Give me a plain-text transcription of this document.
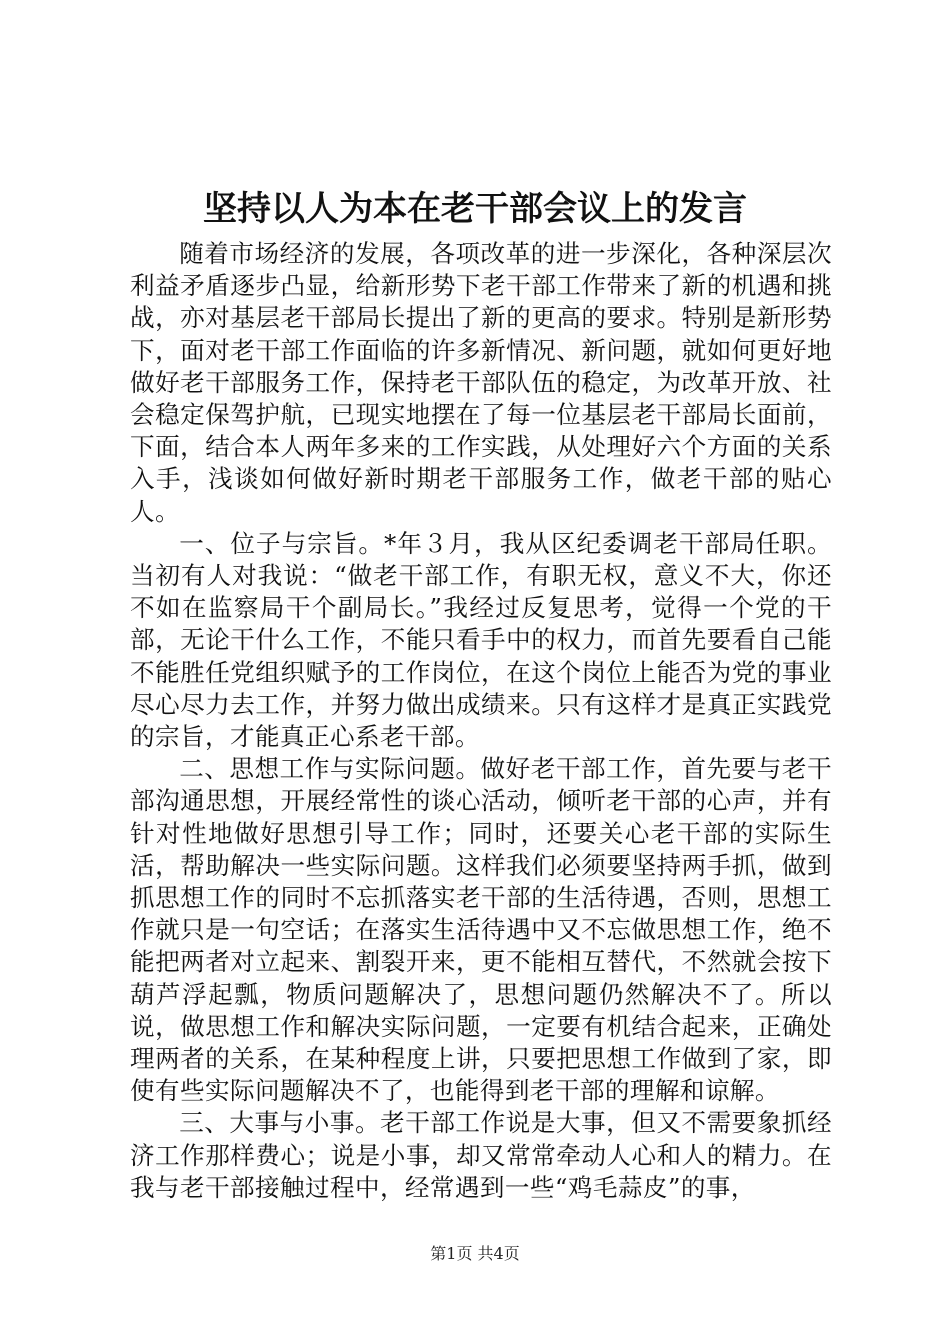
坚持以人为本在老干部会议上的发言

随着市场经济的发展，各项改革的进一步深化，各种深层次利益矛盾逐步凸显，给新形势下老干部工作带来了新的机遇和挑战，亦对基层老干部局长提出了新的更高的要求。特别是新形势下，面对老干部工作面临的许多新情况、新问题，就如何更好地做好老干部服务工作，保持老干部队伍的稳定，为改革开放、社会稳定保驾护航，已现实地摆在了每一位基层老干部局长面前，下面，结合本人两年多来的工作实践，从处理好六个方面的关系入手，浅谈如何做好新时期老干部服务工作，做老干部的贴心人。

一、位子与宗旨。*年３月，我从区纪委调老干部局任职。当初有人对我说：“做老干部工作，有职无权，意义不大，你还不如在监察局干个副局长。”我经过反复思考，觉得一个党的干部，无论干什么工作，不能只看手中的权力，而首先要看自己能不能胜任党组织赋予的工作岗位，在这个岗位上能否为党的事业尽心尽力去工作，并努力做出成绩来。只有这样才是真正实践党的宗旨，才能真正心系老干部。

二、思想工作与实际问题。做好老干部工作，首先要与老干部沟通思想，开展经常性的谈心活动，倾听老干部的心声，并有针对性地做好思想引导工作；同时，还要关心老干部的实际生活，帮助解决一些实际问题。这样我们必须要坚持两手抓，做到抓思想工作的同时不忘抓落实老干部的生活待遇，否则，思想工作就只是一句空话；在落实生活待遇中又不忘做思想工作，绝不能把两者对立起来、割裂开来，更不能相互替代，不然就会按下葫芦浮起瓢，物质问题解决了，思想问题仍然解决不了。所以说，做思想工作和解决实际问题，一定要有机结合起来，正确处理两者的关系，在某种程度上讲，只要把思想工作做到了家，即使有些实际问题解决不了，也能得到老干部的理解和谅解。

三、大事与小事。老干部工作说是大事，但又不需要象抓经济工作那样费心；说是小事，却又常常牵动人心和人的精力。在我与老干部接触过程中，经常遇到一些“鸡毛蒜皮”的事，

第1页 共4页
